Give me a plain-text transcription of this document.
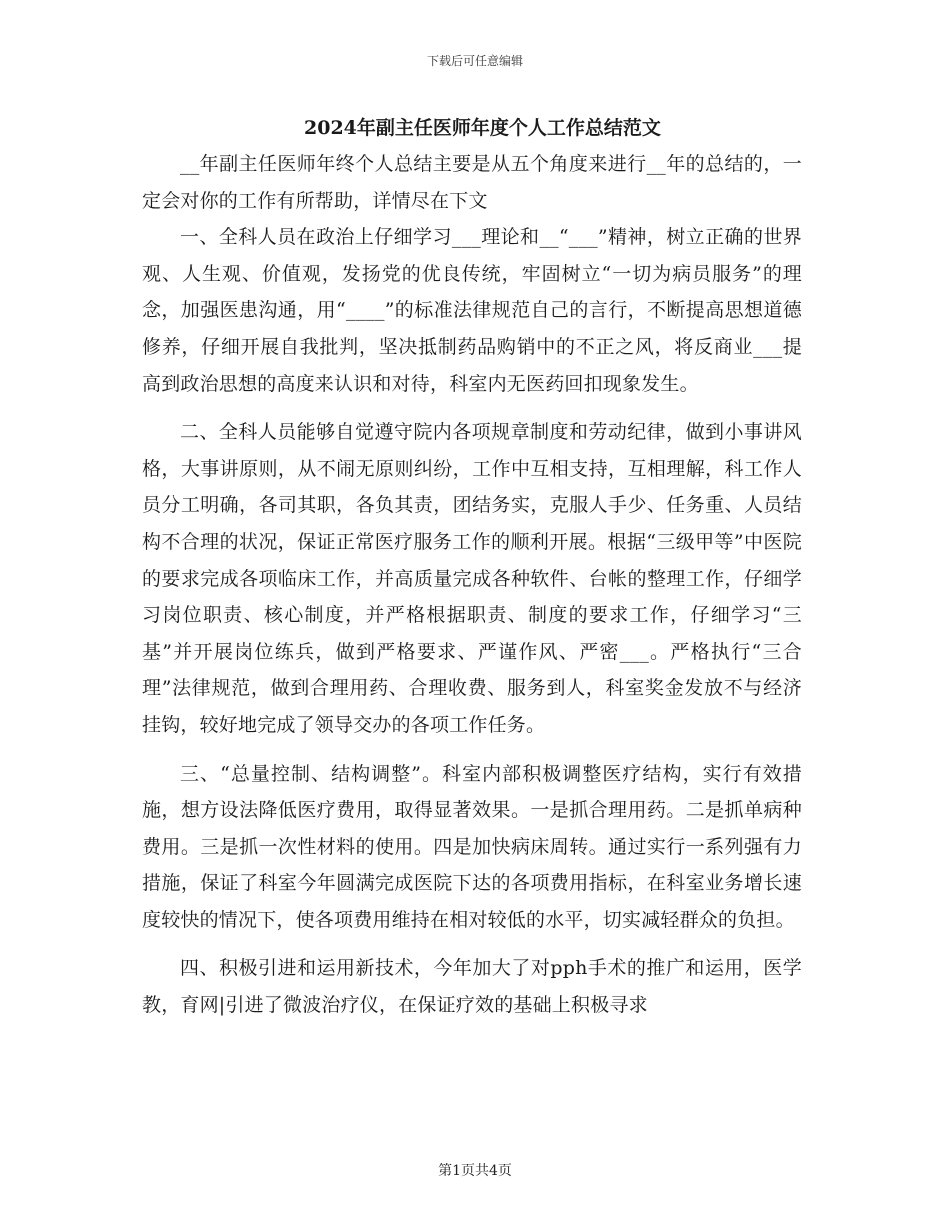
下载后可任意编辑
2024年副主任医师年度个人工作总结范文

__年副主任医师年终个人总结主要是从五个角度来进行__年的总结的，一定会对你的工作有所帮助，详情尽在下文

一、全科人员在政治上仔细学习___理论和__“___”精神，树立正确的世界观、人生观、价值观，发扬党的优良传统，牢固树立“一切为病员服务”的理念，加强医患沟通，用“____”的标准法律规范自己的言行，不断提高思想道德修养，仔细开展自我批判，坚决抵制药品购销中的不正之风，将反商业___提高到政治思想的高度来认识和对待，科室内无医药回扣现象发生。

二、全科人员能够自觉遵守院内各项规章制度和劳动纪律，做到小事讲风格，大事讲原则，从不闹无原则纠纷，工作中互相支持，互相理解，科工作人员分工明确，各司其职，各负其责，团结务实，克服人手少、任务重、人员结构不合理的状况，保证正常医疗服务工作的顺利开展。根据“三级甲等”中医院的要求完成各项临床工作，并高质量完成各种软件、台帐的整理工作，仔细学习岗位职责、核心制度，并严格根据职责、制度的要求工作，仔细学习“三基”并开展岗位练兵，做到严格要求、严谨作风、严密___。严格执行“三合理”法律规范，做到合理用药、合理收费、服务到人，科室奖金发放不与经济挂钩，较好地完成了领导交办的各项工作任务。

三、“总量控制、结构调整”。科室内部积极调整医疗结构，实行有效措施，想方设法降低医疗费用，取得显著效果。一是抓合理用药。二是抓单病种费用。三是抓一次性材料的使用。四是加快病床周转。通过实行一系列强有力措施，保证了科室今年圆满完成医院下达的各项费用指标，在科室业务增长速度较快的情况下，使各项费用维持在相对较低的水平，切实减轻群众的负担。

四、积极引进和运用新技术，今年加大了对pph手术的推广和运用，医学教，育网|引进了微波治疗仪，在保证疗效的基础上积极寻求

第1页共4页
